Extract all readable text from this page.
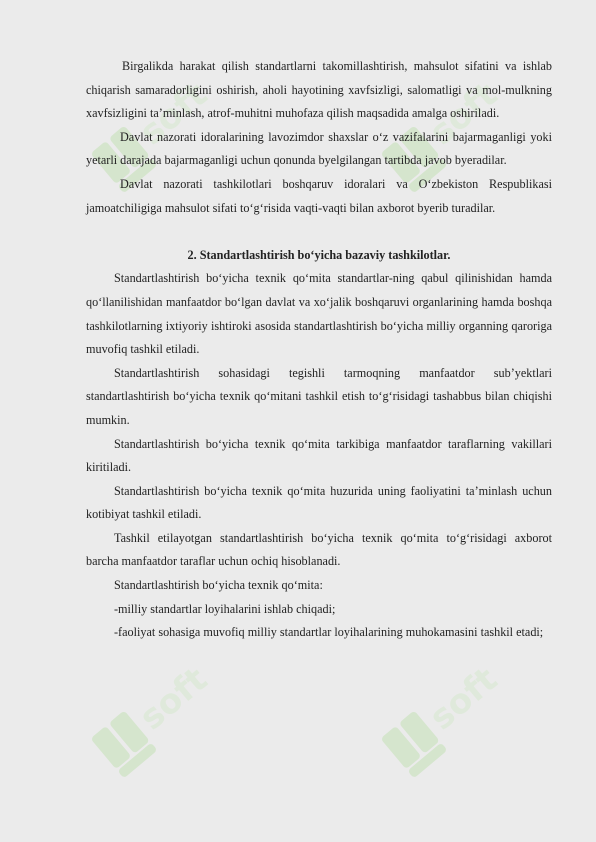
soft	soft
soft	soft

Birgalikda harakat qilish standartlarni takomillashtirish, mahsulot sifatini va ishlab chiqarish samaradorligini oshirish, aholi hayotining xavfsizligi, salomatligi va mol-mulkning xavfsizligini ta’minlash, atrof-muhitni muhofaza qilish maqsadida amalga oshiriladi.

Davlat nazorati idoralarining lavozimdor shaxslar o‘z vazifalarini bajarmaganligi yoki yetarli darajada bajarmaganligi uchun qonunda byelgilangan tartibda javob byeradilar.

Davlat nazorati tashkilotlari boshqaruv idoralari va O‘zbekiston Respublikasi jamoatchiligiga mahsulot sifati to‘g‘risida vaqti-vaqti bilan axborot byerib turadilar.

2. Standartlashtirish bo‘yicha bazaviy tashkilotlar.

Standartlashtirish bo‘yicha texnik qo‘mita standartlar-ning qabul qilinishidan hamda qo‘llanilishidan manfaatdor bo‘lgan davlat va xo‘jalik boshqaruvi organlarining hamda boshqa tashkilotlarning ixtiyoriy ishtiroki asosida standartlashtirish bo‘yicha milliy organning qaroriga muvofiq tashkil etiladi.

Standartlashtirish sohasidagi tegishli tarmoqning manfaatdor sub’yektlari standartlashtirish bo‘yicha texnik qo‘mitani tashkil etish to‘g‘risidagi tashabbus bilan chiqishi mumkin.

Standartlashtirish bo‘yicha texnik qo‘mita tarkibiga manfaatdor taraflarning vakillari kiritiladi.

Standartlashtirish bo‘yicha texnik qo‘mita huzurida uning faoliyatini ta’minlash uchun kotibiyat tashkil etiladi.

Tashkil etilayotgan standartlashtirish bo‘yicha texnik qo‘mita to‘g‘risidagi axborot barcha manfaatdor taraflar uchun ochiq hisoblanadi.

Standartlashtirish bo‘yicha texnik qo‘mita:

-milliy standartlar loyihalarini ishlab chiqadi;

-faoliyat sohasiga muvofiq milliy standartlar loyihalarining muhokamasini tashkil etadi;
